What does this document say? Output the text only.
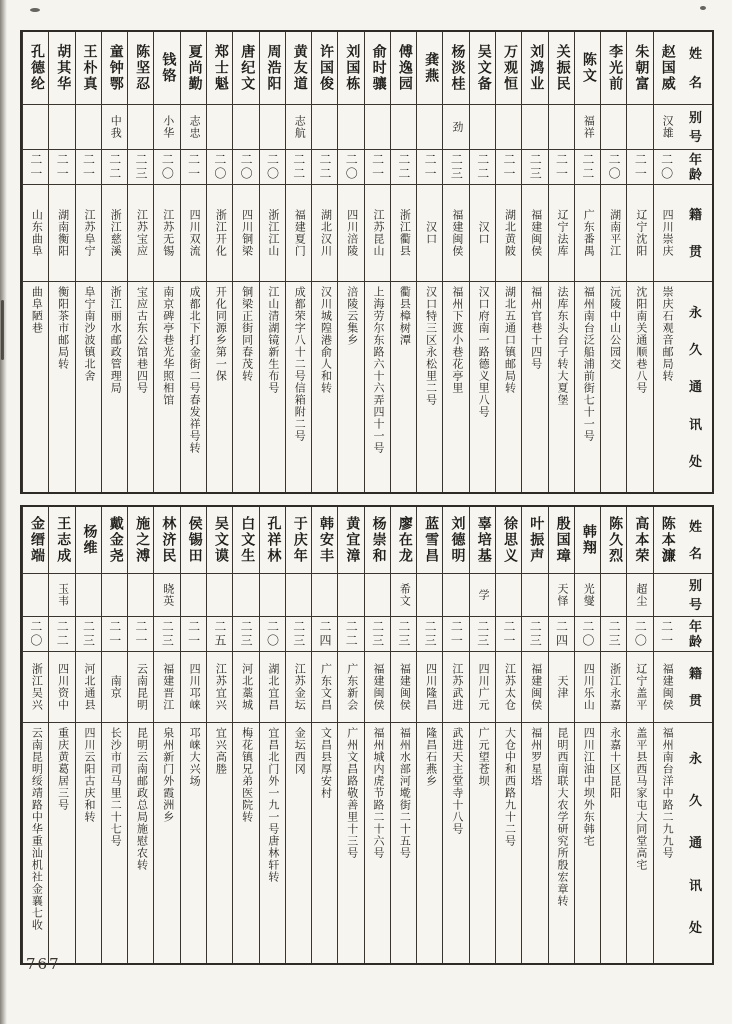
姓
名
别
号
年
龄
籍
贯
永
久
通
讯
处
赵国威
汉雄
二〇
四川崇庆
崇庆石观音邮局转
朱朝富
二一
辽宁沈阳
沈阳南关通顺巷八号
李光前
二〇
湖南平江
沅陵中山公园交
陈文
福祥
二二
广东番禺
福州南台泛船浦前街七十一号
关振民
二一
辽宁法库
法库东头台子转大夏堡
刘鸿业
二三
福建闽侯
福州官巷十四号
万观恒
二一
湖北黄陂
湖北五通口镇邮局转
吴文备
二二
汉口
汉口府南一路德义里八号
杨淡桂
劲
二三
福建闽侯
福州下渡小巷花亭里
龚燕
二一
汉口
汉口特三区永松里二号
傅逸园
二二
浙江衢县
衢县樟树潭
俞时骧
二一
江苏昆山
上海劳尔东路六十六弄四十一号
刘国栋
二〇
四川涪陵
涪陵云集乡
许国俊
二二
湖北汉川
汉川城隍港俞人和转
黄友道
志航
二二
福建夏门
成都荣字八十二号信箱附二号
周浩阳
二〇
浙江江山
江山清湖镜新生布号
唐纪文
二〇
四川铜梁
铜梁正街同春茂转
郑士魁
二〇
浙江开化
开化同源乡第一保
夏尚勤
志忠
二一
四川双流
成都北下打金街二号春发祥号转
钱铬
小华
二〇
江苏无锡
南京碑亭巷光华照相馆
陈坚忍
二三
江苏宝应
宝应古东公馆巷四号
童钟鄂
中我
二二
浙江慈溪
浙江丽水邮政管理局
王朴真
二一
江苏阜宁
阜宁南沙波镇北舍
胡其华
二一
湖南衡阳
衡阳茶市邮局转
孔德纶
二一
山东曲阜
曲阜陋巷
姓
名
别
号
年
龄
籍
贯
永
久
通
讯
处
陈本濂
二一
福建闽侯
福州南台洋中路二九九号
高本荣
超尘
二〇
辽宁盖平
盖平县西马家屯大同堂高宅
陈久烈
二三
浙江永嘉
永嘉十区昆阳
韩翔
光燮
二〇
四川乐山
四川江油中坝外东韩宅
殷国璋
天怿
二四
天津
昆明西南联大农学研究所殷宏章转
叶振声
二三
福建闽侯
福州罗星塔
徐思义
二一
江苏太仓
大仓中和西路九十二号
辜培基
学
二三
四川广元
广元望苍坝
刘德明
二一
江苏武进
武进天主堂寺十八号
蓝雪昌
二三
四川隆昌
隆昌石燕乡
廖在龙
希文
二三
福建闽侯
福州水部河墘街二十五号
杨崇和
二三
福建闽侯
福州城内虎节路二十六号
黄宜漳
二二
广东新会
广州文昌路敬善里十三号
韩安丰
二四
广东文昌
文昌县厚安村
于庆年
二三
江苏金坛
金坛西冈
孔祥林
二〇
湖北宜昌
宜昌北门外一九一号唐林轩转
白文生
二三
河北藁城
梅花镇兄弟医院转
吴文谟
二五
江苏宜兴
宜兴高塍
侯锡田
二一
四川邛崃
邛崃大兴场
林济民
晓英
二三
福建晋江
泉州新门外霞洲乡
施之溥
二一
云南昆明
昆明云南邮政总局施慰农转
戴金尧
二一
南京
长沙市司马里二十七号
杨维
二三
河北通县
四川云阳古庆和转
王志成
玉韦
二二
四川资中
重庆黄葛居三号
金缙端
二〇
浙江吴兴
云南昆明绥靖路中华重汕机社金襄七收
767
